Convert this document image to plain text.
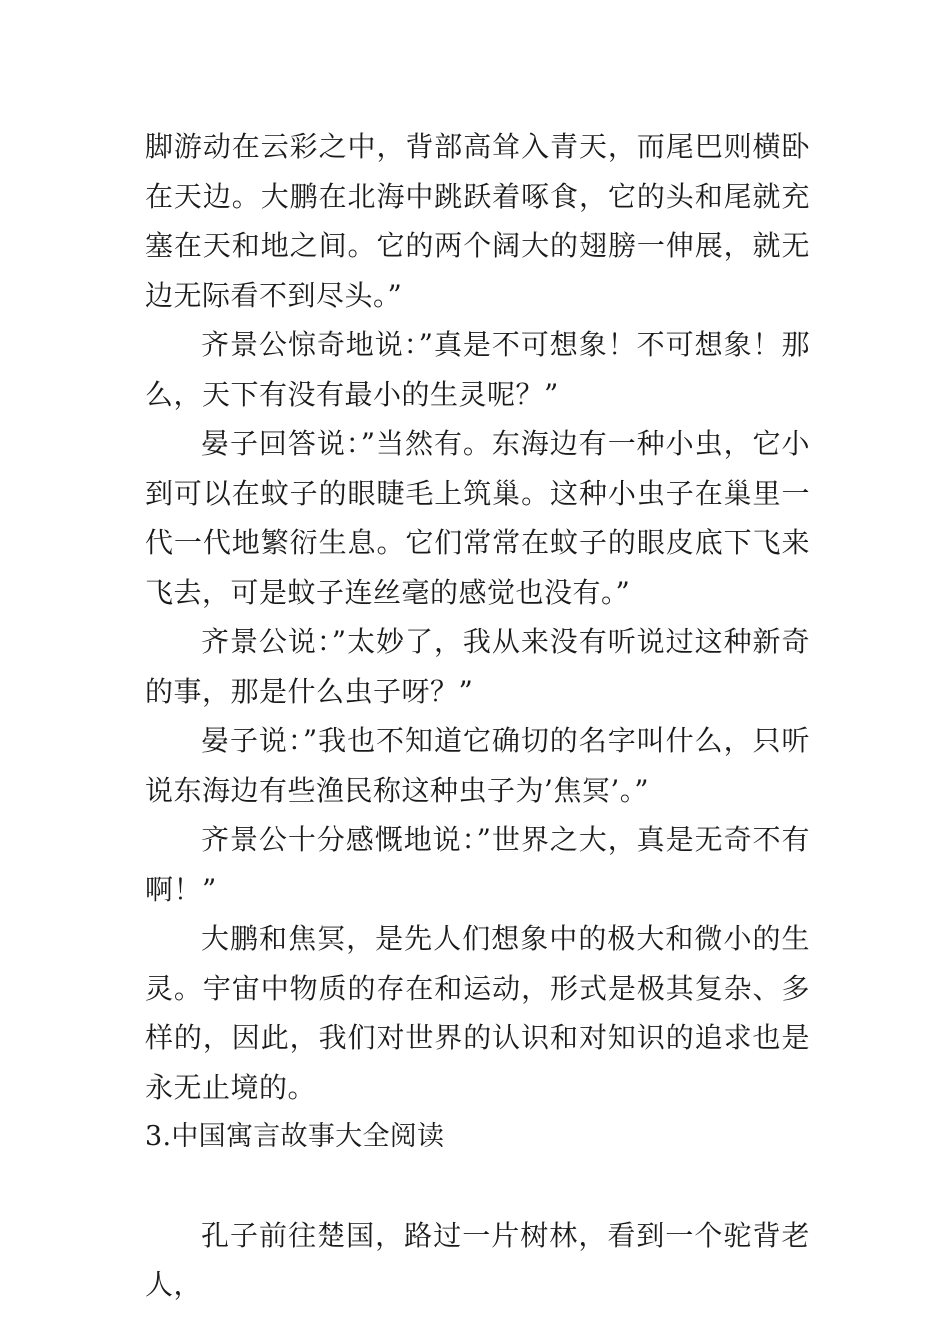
脚游动在云彩之中，背部高耸入青天，而尾巴则横卧在天边。大鹏在北海中跳跃着啄食，它的头和尾就充塞在天和地之间。它的两个阔大的翅膀一伸展，就无边无际看不到尽头。”

齐景公惊奇地说：”真是不可想象！不可想象！那么，天下有没有最小的生灵呢？”

晏子回答说：”当然有。东海边有一种小虫，它小到可以在蚊子的眼睫毛上筑巢。这种小虫子在巢里一代一代地繁衍生息。它们常常在蚊子的眼皮底下飞来飞去，可是蚊子连丝毫的感觉也没有。”

齐景公说：”太妙了，我从来没有听说过这种新奇的事，那是什么虫子呀？”

晏子说：”我也不知道它确切的名字叫什么，只听说东海边有些渔民称这种虫子为’焦冥’。”

齐景公十分感慨地说：”世界之大，真是无奇不有啊！”

大鹏和焦冥，是先人们想象中的极大和微小的生灵。宇宙中物质的存在和运动，形式是极其复杂、多样的，因此，我们对世界的认识和对知识的追求也是永无止境的。

3.中国寓言故事大全阅读

孔子前往楚国，路过一片树林，看到一个驼背老人，
